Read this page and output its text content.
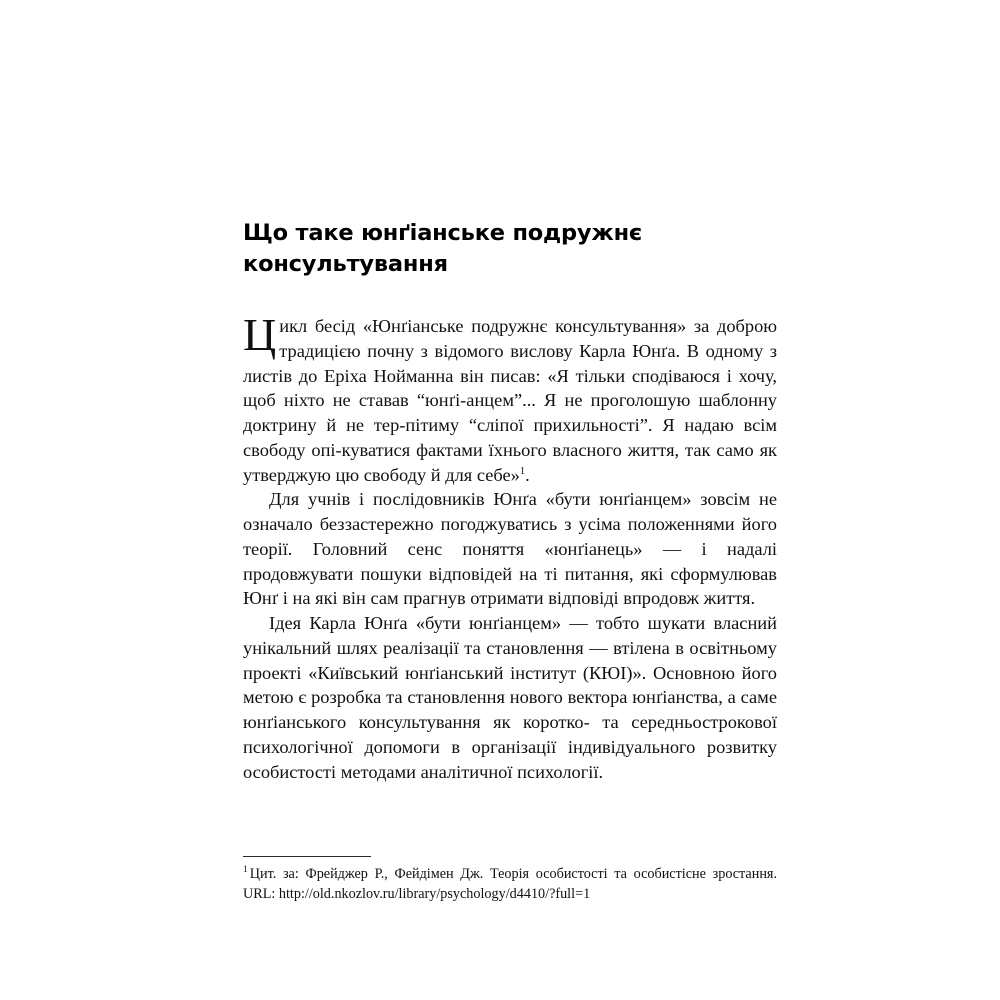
Що таке юнґіанське подружнє консультування

Цикл бесід «Юнґіанське подружнє консультування» за доброю традицією почну з відомого вислову Карла Юнґа. В одному з листів до Еріха Нойманна він писав: «Я тільки сподіваюся і хочу, щоб ніхто не ставав “юнґі-анцем”... Я не проголошую шаблонну доктрину й не тер-пітиму “сліпої прихильності”. Я надаю всім свободу опі-куватися фактами їхнього власного життя, так само як утверджую цю свободу й для себе»$^1$.

Для учнів і послідовників Юнґа «бути юнґіанцем» зовсім не означало беззастережно погоджуватись з усіма положеннями його теорії. Головний сенс поняття «юнґіанець» — і надалі продовжувати пошуки відповідей на ті питання, які сформулював Юнґ і на які він сам прагнув отримати відповіді впродовж життя.

Ідея Карла Юнґа «бути юнґіанцем» — тобто шукати власний унікальний шлях реалізації та становлення — втілена в освітньому проекті «Київський юнґіанський інститут (КЮІ)». Основною його метою є розробка та становлення нового вектора юнґіанства, а саме юнґіанського консультування як коротко- та середньострокової психологічної допомоги в організації індивідуального розвитку особистості методами аналітичної психології.

$^1$ Цит. за: Фрейджер Р., Фейдімен Дж. Теорія особистості та особистісне зростання. URL: http://old.nkozlov.ru/library/psychology/d4410/?full=1
